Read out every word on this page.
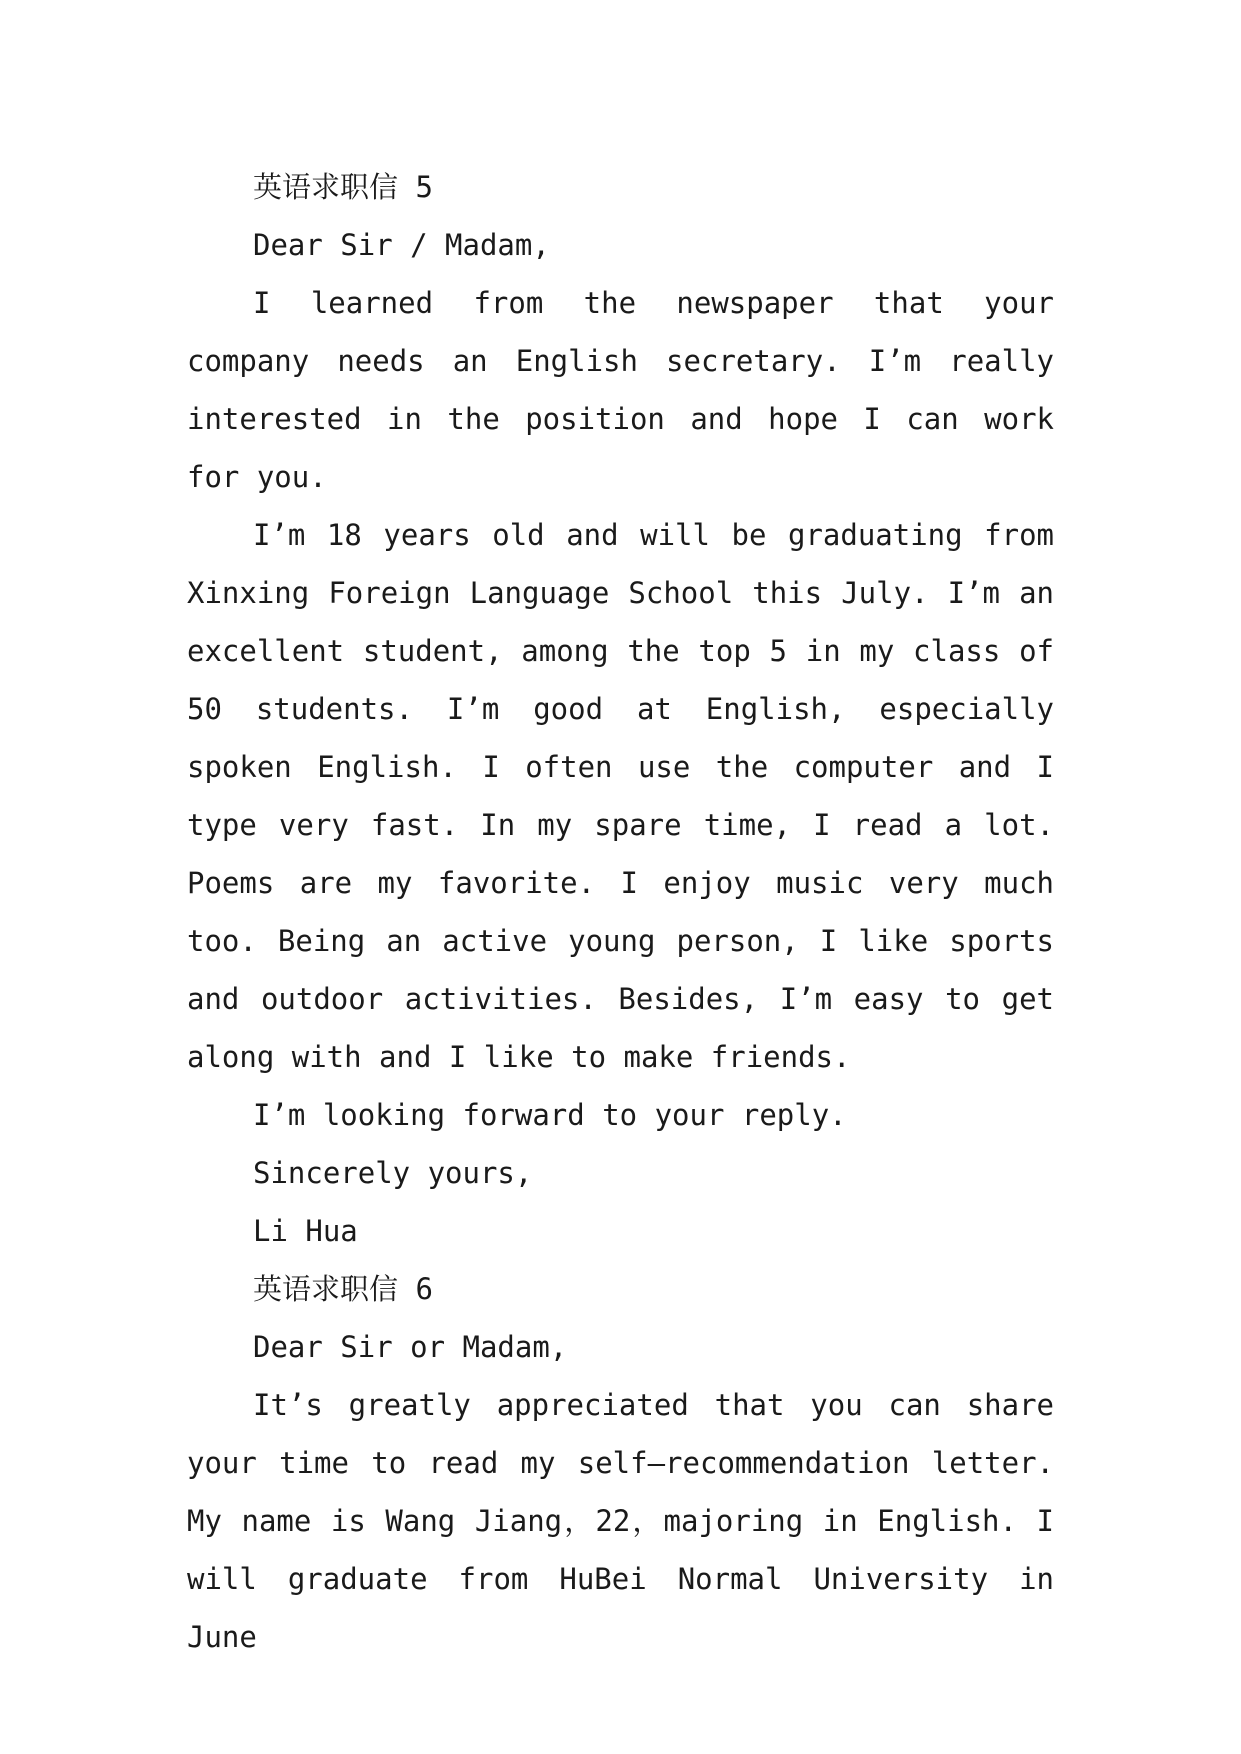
英语求职信 5

Dear Sir / Madam,

I learned from the newspaper that your company needs an English secretary. I’m really interested in the position and hope I can work for you.

I’m 18 years old and will be graduating from Xinxing Foreign Language School this July. I’m an excellent student, among the top 5 in my class of 50 students. I’m good at English, especially spoken English. I often use the computer and I type very fast. In my spare time, I read a lot. Poems are my favorite. I enjoy music very much too. Being an active young person, I like sports and outdoor activities. Besides, I’m easy to get along with and I like to make friends.

I’m looking forward to your reply.

Sincerely yours,

Li Hua

英语求职信 6

Dear Sir or Madam,

It’s greatly appreciated that you can share your time to read my self—recommendation letter. My name is Wang Jiang，22，majoring in English. I will graduate from HuBei Normal University in June
